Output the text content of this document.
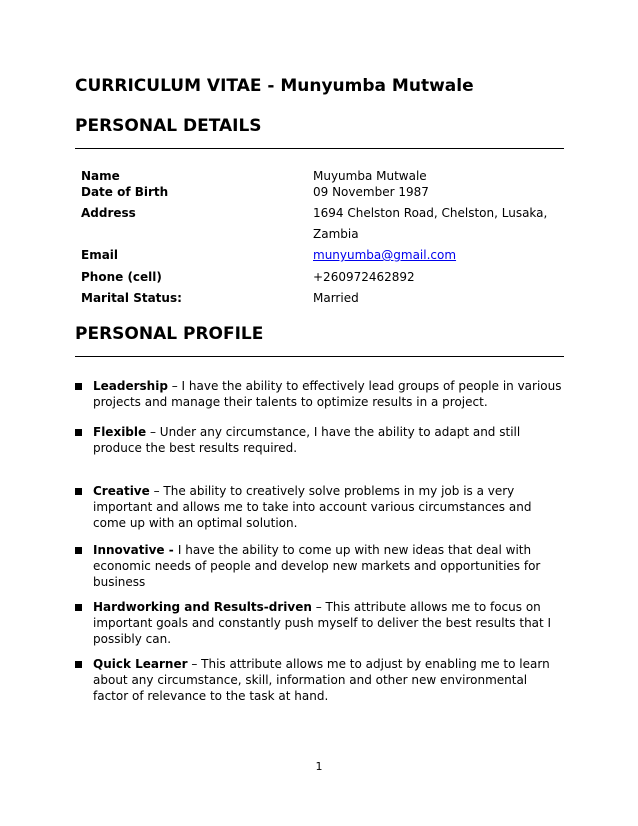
CURRICULUM VITAE - Munyumba Mutwale
PERSONAL DETAILS
Name	Muyumba Mutwale
Date of Birth	09 November 1987
Address	1694 Chelston Road, Chelston, Lusaka,
Zambia
Email	munyumba@gmail.com
Phone (cell)	+260972462892
Marital Status:	Married
PERSONAL PROFILE
Leadership – I have the ability to effectively lead groups of people in various projects and manage their talents to optimize results in a project.
Flexible – Under any circumstance, I have the ability to adapt and still produce the best results required.
Creative – The ability to creatively solve problems in my job is a very important and allows me to take into account various circumstances and come up with an optimal solution.
Innovative - I have the ability to come up with new ideas that deal with economic needs of people and develop new markets and opportunities for business
Hardworking and Results-driven – This attribute allows me to focus on important goals and constantly push myself to deliver the best results that I possibly can.
Quick Learner – This attribute allows me to adjust by enabling me to learn about any circumstance, skill, information and other new environmental factor of relevance to the task at hand.
1
